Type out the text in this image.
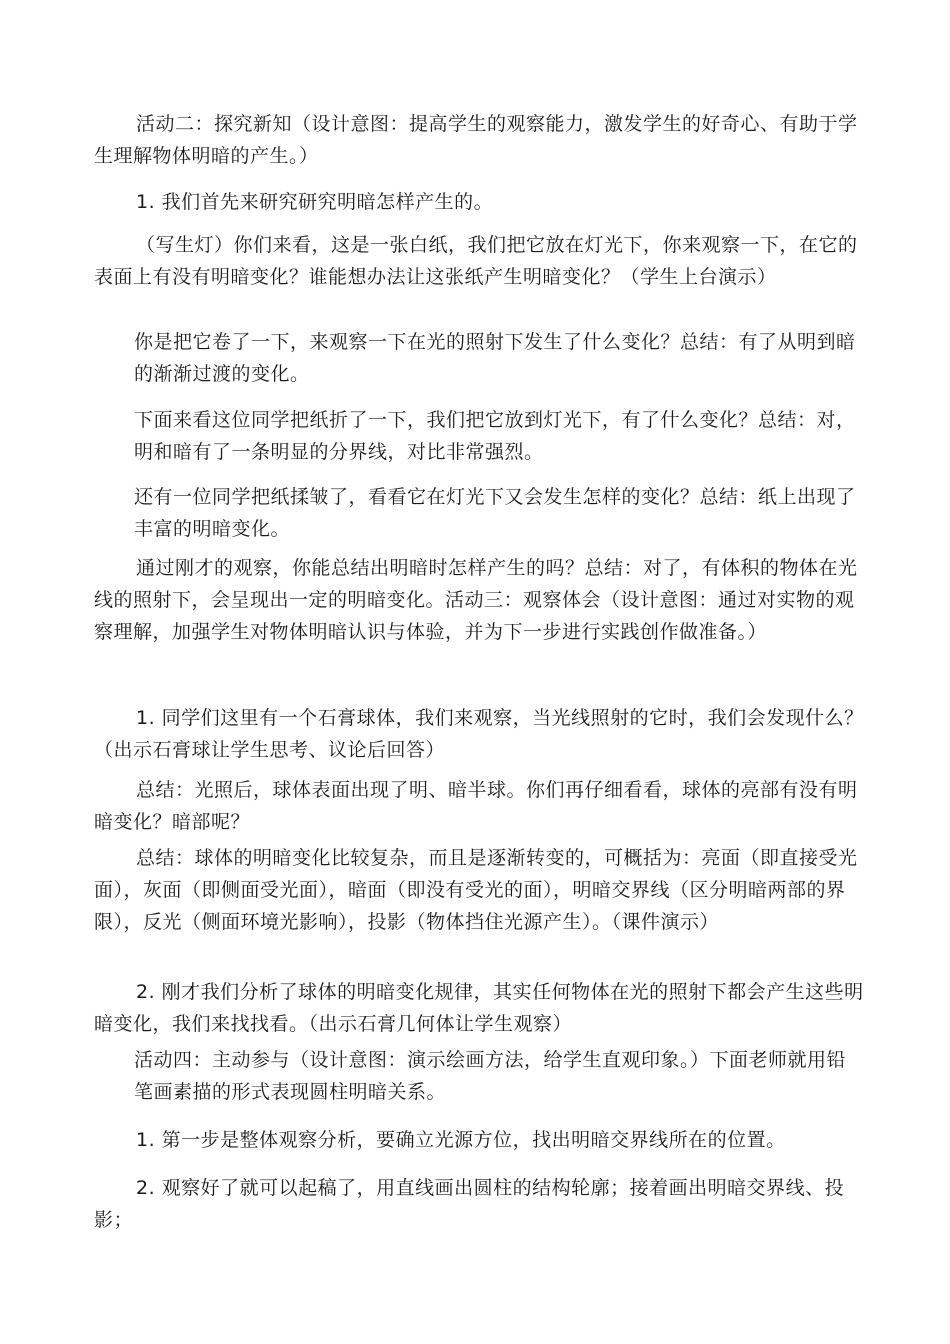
活动二：探究新知（设计意图：提高学生的观察能力，激发学生的好奇心、有助于学生理解物体明暗的产生。）

1. 我们首先来研究研究明暗怎样产生的。

（写生灯）你们来看，这是一张白纸，我们把它放在灯光下，你来观察一下，在它的表面上有没有明暗变化？谁能想办法让这张纸产生明暗变化？（学生上台演示）

你是把它卷了一下，来观察一下在光的照射下发生了什么变化？总结：有了从明到暗的渐渐过渡的变化。

下面来看这位同学把纸折了一下，我们把它放到灯光下，有了什么变化？总结：对，明和暗有了一条明显的分界线，对比非常强烈。

还有一位同学把纸揉皱了，看看它在灯光下又会发生怎样的变化？总结：纸上出现了丰富的明暗变化。

通过刚才的观察，你能总结出明暗时怎样产生的吗？总结：对了，有体积的物体在光线的照射下，会呈现出一定的明暗变化。活动三：观察体会（设计意图：通过对实物的观察理解，加强学生对物体明暗认识与体验，并为下一步进行实践创作做准备。）

1. 同学们这里有一个石膏球体，我们来观察，当光线照射的它时，我们会发现什么？（出示石膏球让学生思考、议论后回答）

总结：光照后，球体表面出现了明、暗半球。你们再仔细看看，球体的亮部有没有明暗变化？暗部呢？

总结：球体的明暗变化比较复杂，而且是逐渐转变的，可概括为：亮面（即直接受光面），灰面（即侧面受光面），暗面（即没有受光的面），明暗交界线（区分明暗两部的界限），反光（侧面环境光影响），投影（物体挡住光源产生）。（课件演示）

2. 刚才我们分析了球体的明暗变化规律，其实任何物体在光的照射下都会产生这些明暗变化，我们来找找看。（出示石膏几何体让学生观察）

活动四：主动参与（设计意图：演示绘画方法，给学生直观印象。）下面老师就用铅笔画素描的形式表现圆柱明暗关系。

1. 第一步是整体观察分析，要确立光源方位，找出明暗交界线所在的位置。

2. 观察好了就可以起稿了，用直线画出圆柱的结构轮廓；接着画出明暗交界线、投影；
